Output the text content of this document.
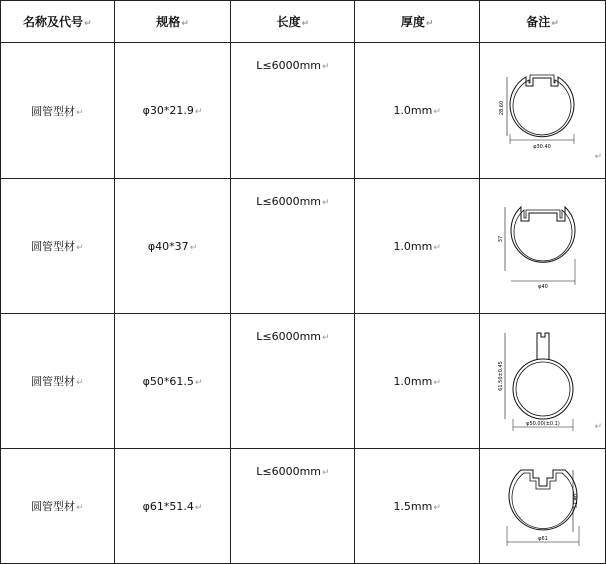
名称及代号↵	规格↵	长度↵	厚度↵	备注↵
圆管型材↵	φ30*21.9↵	L≤6000mm↵	1.0mm↵	28.60
φ30.40
↵

圆管型材↵	φ40*37↵	L≤6000mm↵	1.0mm↵	37
φ40

圆管型材↵	φ50*61.5↵	L≤6000mm↵	1.0mm↵	61.50±0.45
φ50.00(±0.1) ↵

圆管型材↵	φ61*51.4↵	L≤6000mm↵	1.5mm↵	51.40
φ61
